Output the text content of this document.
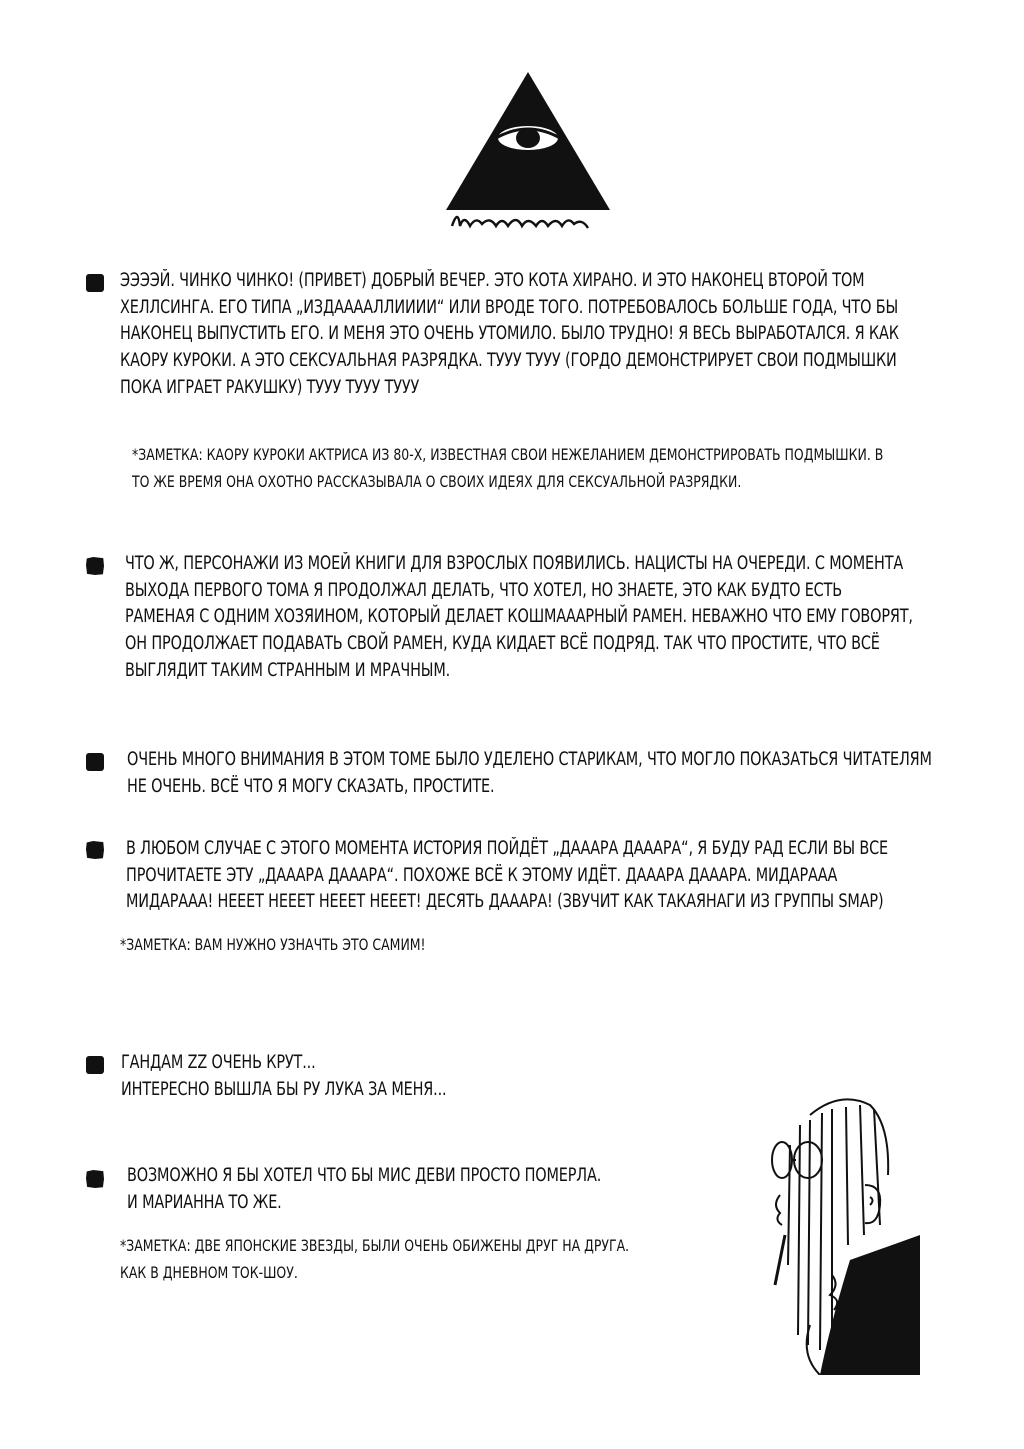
ЭЭЭЭЙ. ЧИНКО ЧИНКО! (ПРИВЕТ) ДОБРЫЙ ВЕЧЕР. ЭТО КОТА ХИРАНО. И ЭТО НАКОНЕЦ ВТОРОЙ ТОМ
ХЕЛЛСИНГА. ЕГО ТИПА „ИЗДААААЛЛИИИИ“ ИЛИ ВРОДЕ ТОГО. ПОТРЕБОВАЛОСЬ БОЛЬШЕ ГОДА, ЧТО БЫ
НАКОНЕЦ ВЫПУСТИТЬ ЕГО. И МЕНЯ ЭТО ОЧЕНЬ УТОМИЛО. БЫЛО ТРУДНО! Я ВЕСЬ ВЫРАБОТАЛСЯ. Я КАК
КАОРУ КУРОКИ. А ЭТО СЕКСУАЛЬНАЯ РАЗРЯДКА. ТУУУ ТУУУ (ГОРДО ДЕМОНСТРИРУЕТ СВОИ ПОДМЫШКИ
ПОКА ИГРАЕТ РАКУШКУ) ТУУУ ТУУУ ТУУУ
*ЗАМЕТКА: КАОРУ КУРОКИ АКТРИСА ИЗ 80-Х, ИЗВЕСТНАЯ СВОИ НЕЖЕЛАНИЕМ ДЕМОНСТРИРОВАТЬ ПОДМЫШКИ. В
ТО ЖЕ ВРЕМЯ ОНА ОХОТНО РАССКАЗЫВАЛА О СВОИХ ИДЕЯХ ДЛЯ СЕКСУАЛЬНОЙ РАЗРЯДКИ.
ЧТО Ж, ПЕРСОНАЖИ ИЗ МОЕЙ КНИГИ ДЛЯ ВЗРОСЛЫХ ПОЯВИЛИСЬ. НАЦИСТЫ НА ОЧЕРЕДИ. С МОМЕНТА
ВЫХОДА ПЕРВОГО ТОМА Я ПРОДОЛЖАЛ ДЕЛАТЬ, ЧТО ХОТЕЛ, НО ЗНАЕТЕ, ЭТО КАК БУДТО ЕСТЬ
РАМЕНАЯ С ОДНИМ ХОЗЯИНОМ, КОТОРЫЙ ДЕЛАЕТ КОШМАААРНЫЙ РАМЕН. НЕВАЖНО ЧТО ЕМУ ГОВОРЯТ,
ОН ПРОДОЛЖАЕТ ПОДАВАТЬ СВОЙ РАМЕН, КУДА КИДАЕТ ВСЁ ПОДРЯД. ТАК ЧТО ПРОСТИТЕ, ЧТО ВСЁ
ВЫГЛЯДИТ ТАКИМ СТРАННЫМ И МРАЧНЫМ.
ОЧЕНЬ МНОГО ВНИМАНИЯ В ЭТОМ ТОМЕ БЫЛО УДЕЛЕНО СТАРИКАМ, ЧТО МОГЛО ПОКАЗАТЬСЯ ЧИТАТЕЛЯМ
НЕ ОЧЕНЬ. ВСЁ ЧТО Я МОГУ СКАЗАТЬ, ПРОСТИТЕ.
В ЛЮБОМ СЛУЧАЕ С ЭТОГО МОМЕНТА ИСТОРИЯ ПОЙДЁТ „ДАААРА ДАААРА“, Я БУДУ РАД ЕСЛИ ВЫ ВСЕ
ПРОЧИТАЕТЕ ЭТУ „ДАААРА ДАААРА“. ПОХОЖЕ ВСЁ К ЭТОМУ ИДЁТ. ДАААРА ДАААРА. МИДАРААА
МИДАРААА! НЕЕЕТ НЕЕЕТ НЕЕЕТ НЕЕЕТ! ДЕСЯТЬ ДАААРА! (ЗВУЧИТ КАК ТАКАЯНАГИ ИЗ ГРУППЫ SMAP)
*ЗАМЕТКА: ВАМ НУЖНО УЗНАЧТЬ ЭТО САМИМ!
ГАНДАМ ZZ ОЧЕНЬ КРУТ...
ИНТЕРЕСНО ВЫШЛА БЫ РУ ЛУКА ЗА МЕНЯ...
ВОЗМОЖНО Я БЫ ХОТЕЛ ЧТО БЫ МИС ДЕВИ ПРОСТО ПОМЕРЛА.
И МАРИАННА ТО ЖЕ.
*ЗАМЕТКА: ДВЕ ЯПОНСКИЕ ЗВЕЗДЫ, БЫЛИ ОЧЕНЬ ОБИЖЕНЫ ДРУГ НА ДРУГА.
КАК В ДНЕВНОМ ТОК-ШОУ.
